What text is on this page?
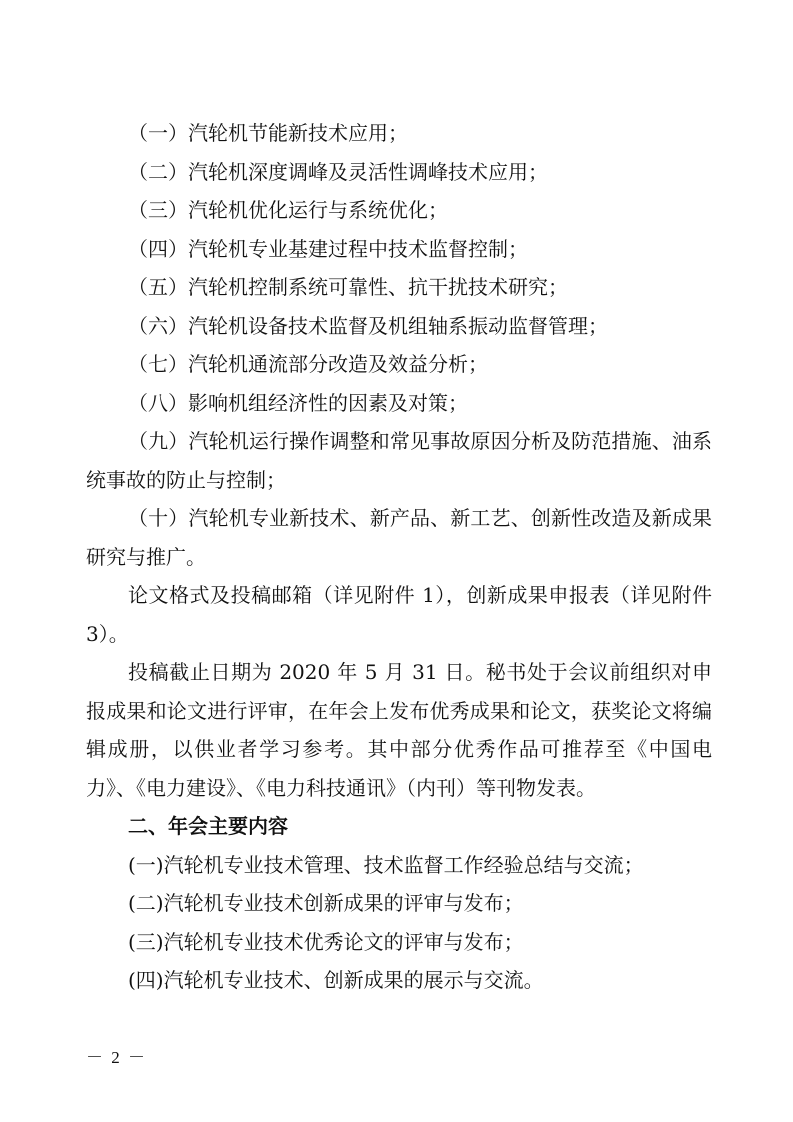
（一）汽轮机节能新技术应用；

（二）汽轮机深度调峰及灵活性调峰技术应用；

（三）汽轮机优化运行与系统优化；

（四）汽轮机专业基建过程中技术监督控制；

（五）汽轮机控制系统可靠性、抗干扰技术研究；

（六）汽轮机设备技术监督及机组轴系振动监督管理；

（七）汽轮机通流部分改造及效益分析；

（八）影响机组经济性的因素及对策；

（九）汽轮机运行操作调整和常见事故原因分析及防范措施、油系统事故的防止与控制；

（十）汽轮机专业新技术、新产品、新工艺、创新性改造及新成果研究与推广。

论文格式及投稿邮箱（详见附件 1），创新成果申报表（详见附件 3）。

投稿截止日期为 2020 年 5 月 31 日。秘书处于会议前组织对申报成果和论文进行评审，在年会上发布优秀成果和论文，获奖论文将编辑成册，以供业者学习参考。其中部分优秀作品可推荐至《中国电力》、《电力建设》、《电力科技通讯》（内刊）等刊物发表。

二、年会主要内容

(一)汽轮机专业技术管理、技术监督工作经验总结与交流；

(二)汽轮机专业技术创新成果的评审与发布；

(三)汽轮机专业技术优秀论文的评审与发布；

(四)汽轮机专业技术、创新成果的展示与交流。

－ 2 －
